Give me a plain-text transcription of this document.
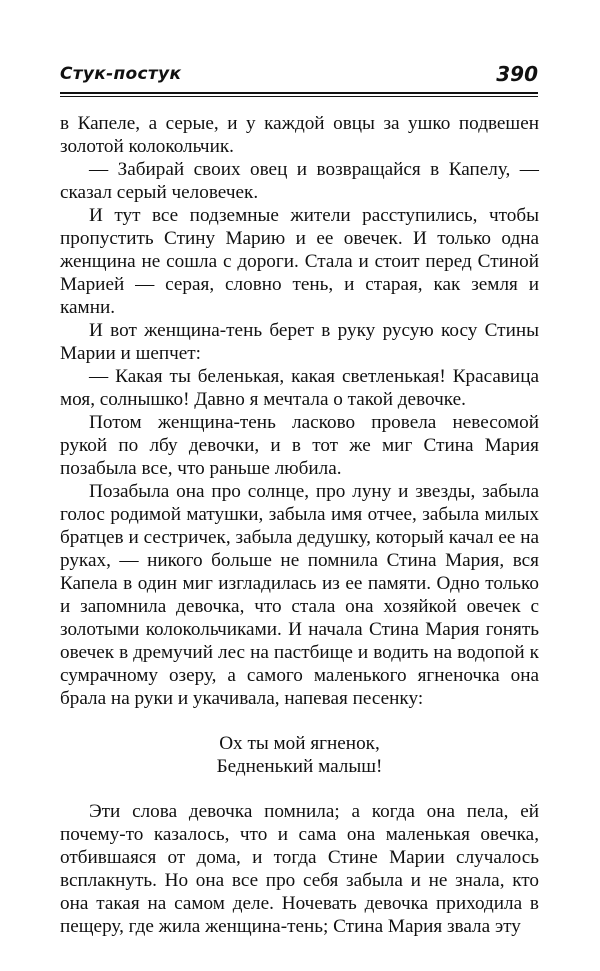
Стук-постук	390

в Капеле, а серые, и у каждой овцы за ушко подвешен золотой колокольчик.

— Забирай своих овец и возвращайся в Капелу, — сказал серый человечек.

И тут все подземные жители расступились, чтобы пропустить Стину Марию и ее овечек. И только одна женщина не сошла с дороги. Стала и стоит перед Стиной Марией — серая, словно тень, и старая, как земля и камни.

И вот женщина-тень берет в руку русую косу Стины Марии и шепчет:

— Какая ты беленькая, какая светленькая! Красавица моя, солнышко! Давно я мечтала о такой девочке.

Потом женщина-тень ласково провела невесомой рукой по лбу девочки, и в тот же миг Стина Мария позабыла все, что раньше любила.

Позабыла она про солнце, про луну и звезды, забыла голос родимой матушки, забыла имя отчее, забыла милых братцев и сестричек, забыла дедушку, который качал ее на руках, — никого больше не помнила Стина Мария, вся Капела в один миг изгладилась из ее памяти. Одно только и запомнила девочка, что стала она хозяйкой овечек с золотыми колокольчиками. И начала Стина Мария гонять овечек в дремучий лес на пастбище и водить на водопой к сумрачному озеру, а самого маленького ягненочка она брала на руки и укачивала, напевая песенку:

Ох ты мой ягненок,
Бедненький малыш!

Эти слова девочка помнила; а когда она пела, ей почему-то казалось, что и сама она маленькая овечка, отбившаяся от дома, и тогда Стине Марии случалось всплакнуть. Но она все про себя забыла и не знала, кто она такая на самом деле. Ночевать девочка приходила в пещеру, где жила женщина-тень; Стина Мария звала эту
